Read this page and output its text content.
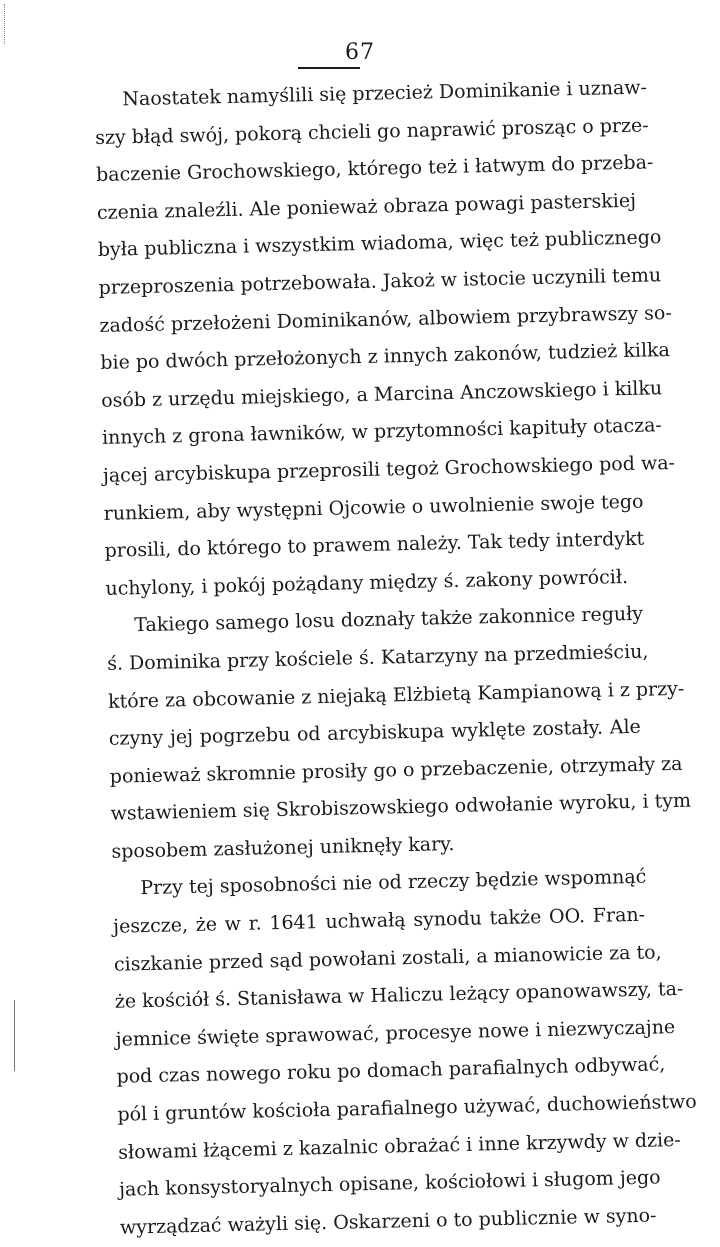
67
Naostatek namyślili się przecież Dominikanie i uznaw-
szy błąd swój, pokorą chcieli go naprawić prosząc o prze-
baczenie Grochowskiego, którego też i łatwym do przeba-
czenia znaleźli. Ale ponieważ obraza powagi pasterskiej
była publiczna i wszystkim wiadoma, więc też publicznego
przeproszenia potrzebowała. Jakoż w istocie uczynili temu
zadość przełożeni Dominikanów, albowiem przybrawszy so-
bie po dwóch przełożonych z innych zakonów, tudzież kilka
osób z urzędu miejskiego, a Marcina Anczowskiego i kilku
innych z grona ławników, w przytomności kapituły otacza-
jącej arcybiskupa przeprosili tegoż Grochowskiego pod wa-
runkiem, aby występni Ojcowie o uwolnienie swoje tego
prosili, do którego to prawem należy. Tak tedy interdykt
uchylony, i pokój pożądany między ś. zakony powrócił.
Takiego samego losu doznały także zakonnice reguły
ś. Dominika przy kościele ś. Katarzyny na przedmieściu,
które za obcowanie z niejaką Elżbietą Kampianową i z przy-
czyny jej pogrzebu od arcybiskupa wyklęte zostały. Ale
ponieważ skromnie prosiły go o przebaczenie, otrzymały za
wstawieniem się Skrobiszowskiego odwołanie wyroku, i tym
sposobem zasłużonej uniknęły kary.
Przy tej sposobności nie od rzeczy będzie wspomnąć
jeszcze, że w r. 1641 uchwałą synodu także OO. Fran-
ciszkanie przed sąd powołani zostali, a mianowicie za to,
że kościół ś. Stanisława w Haliczu leżący opanowawszy, ta-
jemnice święte sprawować, procesye nowe i niezwyczajne
pod czas nowego roku po domach parafialnych odbywać,
pól i gruntów kościoła parafialnego używać, duchowieństwo
słowami łżącemi z kazalnic obrażać i inne krzywdy w dzie-
jach konsystoryalnych opisane, kościołowi i sługom jego
wyrządzać ważyli się. Oskarzeni o to publicznie w syno-
